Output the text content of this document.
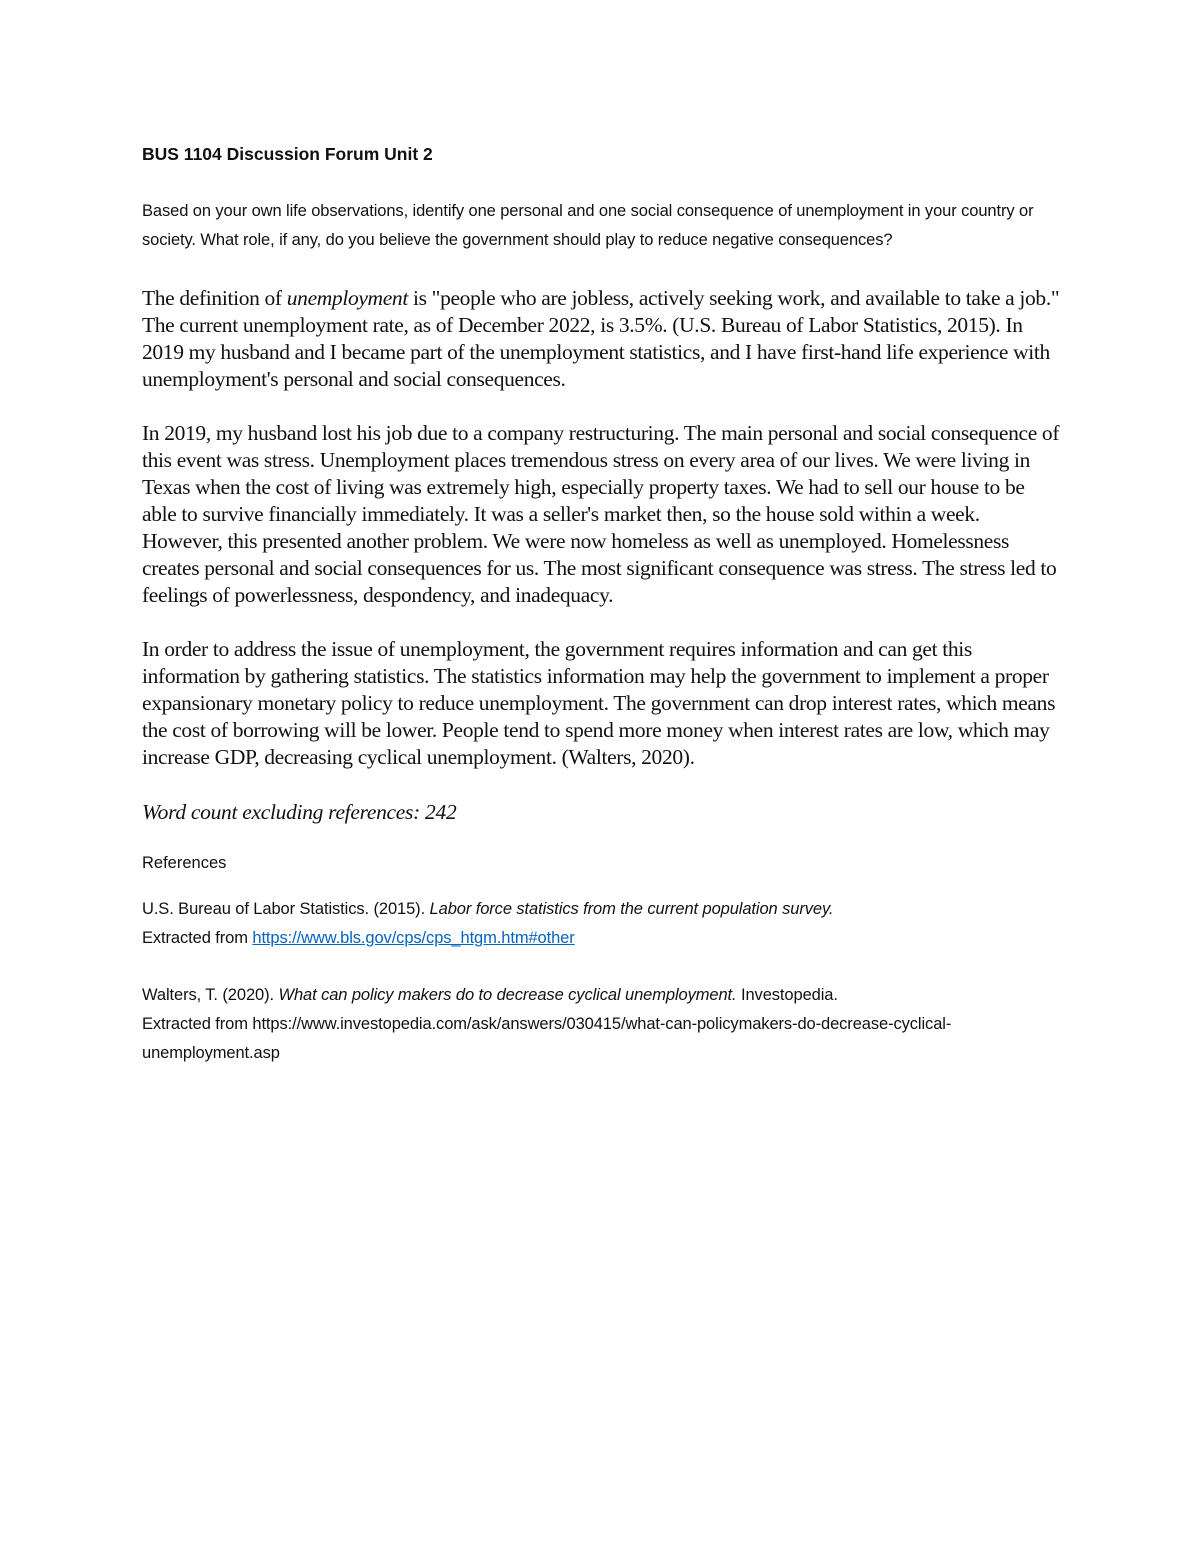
BUS 1104 Discussion Forum Unit 2

Based on your own life observations, identify one personal and one social consequence of unemployment in your country or society. What role, if any, do you believe the government should play to reduce negative consequences?

The definition of unemployment is "people who are jobless, actively seeking work, and available to take a job." The current unemployment rate, as of December 2022, is 3.5%. (U.S. Bureau of Labor Statistics, 2015). In 2019 my husband and I became part of the unemployment statistics, and I have first-hand life experience with unemployment's personal and social consequences.

In 2019, my husband lost his job due to a company restructuring. The main personal and social consequence of this event was stress. Unemployment places tremendous stress on every area of our lives. We were living in Texas when the cost of living was extremely high, especially property taxes. We had to sell our house to be able to survive financially immediately. It was a seller's market then, so the house sold within a week. However, this presented another problem. We were now homeless as well as unemployed. Homelessness creates personal and social consequences for us. The most significant consequence was stress. The stress led to feelings of powerlessness, despondency, and inadequacy.

In order to address the issue of unemployment, the government requires information and can get this information by gathering statistics. The statistics information may help the government to implement a proper expansionary monetary policy to reduce unemployment. The government can drop interest rates, which means the cost of borrowing will be lower. People tend to spend more money when interest rates are low, which may increase GDP, decreasing cyclical unemployment. (Walters, 2020).

Word count excluding references: 242

References

U.S. Bureau of Labor Statistics. (2015). Labor force statistics from the current population survey.
Extracted from https://www.bls.gov/cps/cps_htgm.htm#other

Walters, T. (2020). What can policy makers do to decrease cyclical unemployment. Investopedia.
Extracted from https://www.investopedia.com/ask/answers/030415/what-can-policymakers-do-decrease-cyclical-unemployment.asp
